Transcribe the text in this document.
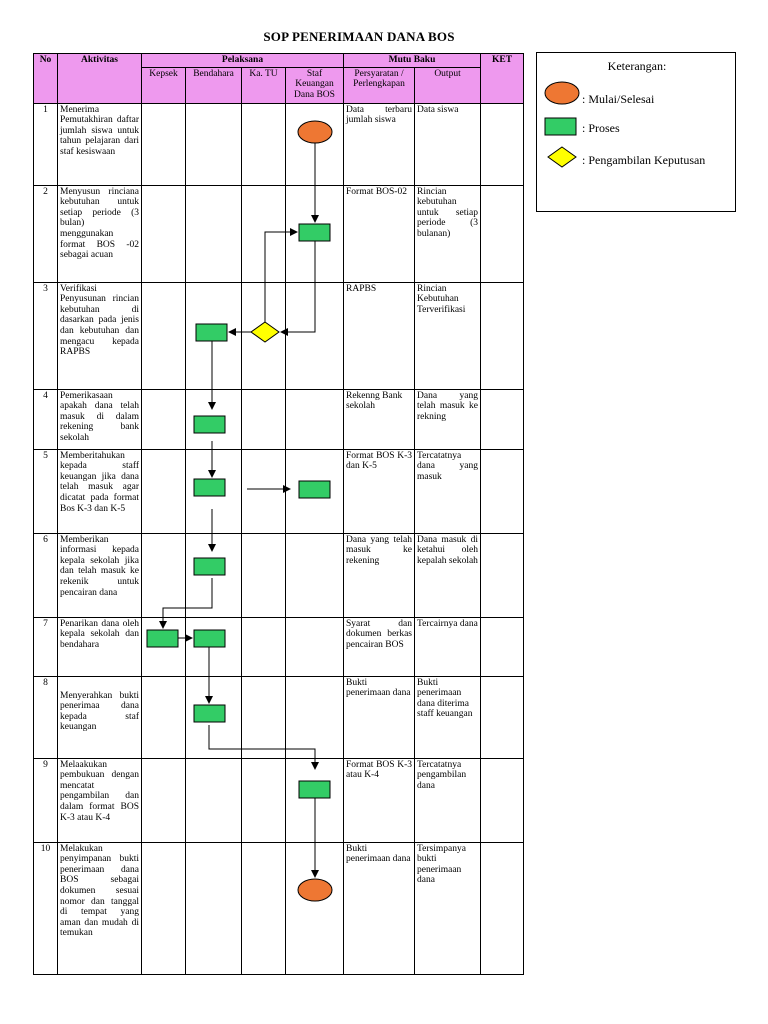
SOP PENERIMAAN DANA BOS
No	Aktivitas	Pelaksana				Mutu Baku		KET
		Kepsek	Bendahara	Ka. TU	Staf Keuangan Dana BOS	Persyaratan / Perlengkapan	Output	
1	Menerima Pemutakhiran daftar jumlah siswa untuk tahun pelajaran dari staf kesiswaan					Data terbaru jumlah siswa	Data siswa	
2	Menyusun rinciana kebutuhan untuk setiap periode (3 bulan) menggunakan format BOS -02 sebagai acuan					Format BOS-02	Rincian kebutuhan untuk setiap periode (3 bulanan)	
3	Verifikasi Penyusunan rincian kebutuhan di dasarkan pada jenis dan kebutuhan dan mengacu kepada RAPBS					RAPBS	Rincian Kebutuhan Terverifikasi	
4	Pemerikasaan apakah dana telah masuk di dalam rekening bank sekolah					Rekenng Bank sekolah	Dana yang telah masuk ke rekning	
5	Memberitahukan kepada staff keuangan jika dana telah masuk agar dicatat pada format Bos K-3 dan K-5					Format BOS K-3 dan K-5	Tercatatnya dana yang masuk	
6	Memberikan informasi kepada kepala sekolah jika dan telah masuk ke rekenik untuk pencairan dana					Dana yang telah masuk ke rekening	Dana masuk di ketahui oleh kepalah sekolah	
7	Penarikan dana oleh kepala sekolah dan bendahara					Syarat dan dokumen berkas pencairan BOS	Tercairnya dana	
8	Menyerahkan bukti penerimaa dana kepada staf keuangan					Bukti penerimaan dana	Bukti penerimaan dana diterima staff keuangan	
9	Melaakukan pembukuan dengan mencatat pengambilan dan dalam format BOS K-3 atau K-4					Format BOS K-3 atau K-4	Tercatatnya pengambilan dana	
10	Melakukan penyimpanan bukti penerimaan dana BOS sebagai dokumen sesuai nomor dan tanggal di tempat yang aman dan mudah di temukan					Bukti penerimaan dana	Tersimpanya bukti penerimaan dana	
Keterangan:
: Mulai/Selesai
: Proses
: Pengambilan Keputusan
